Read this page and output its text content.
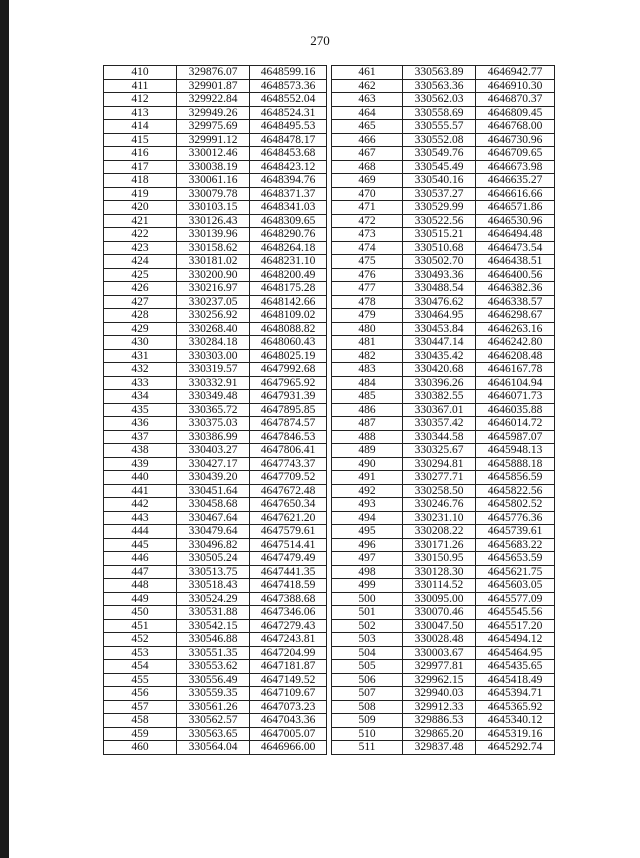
270
410	329876.07	4648599.16
411	329901.87	4648573.36
412	329922.84	4648552.04
413	329949.26	4648524.31
414	329975.69	4648495.53
415	329991.12	4648478.17
416	330012.46	4648453.68
417	330038.19	4648423.12
418	330061.16	4648394.76
419	330079.78	4648371.37
420	330103.15	4648341.03
421	330126.43	4648309.65
422	330139.96	4648290.76
423	330158.62	4648264.18
424	330181.02	4648231.10
425	330200.90	4648200.49
426	330216.97	4648175.28
427	330237.05	4648142.66
428	330256.92	4648109.02
429	330268.40	4648088.82
430	330284.18	4648060.43
431	330303.00	4648025.19
432	330319.57	4647992.68
433	330332.91	4647965.92
434	330349.48	4647931.39
435	330365.72	4647895.85
436	330375.03	4647874.57
437	330386.99	4647846.53
438	330403.27	4647806.41
439	330427.17	4647743.37
440	330439.20	4647709.52
441	330451.64	4647672.48
442	330458.68	4647650.34
443	330467.64	4647621.20
444	330479.64	4647579.61
445	330496.82	4647514.41
446	330505.24	4647479.49
447	330513.75	4647441.35
448	330518.43	4647418.59
449	330524.29	4647388.68
450	330531.88	4647346.06
451	330542.15	4647279.43
452	330546.88	4647243.81
453	330551.35	4647204.99
454	330553.62	4647181.87
455	330556.49	4647149.52
456	330559.35	4647109.67
457	330561.26	4647073.23
458	330562.57	4647043.36
459	330563.65	4647005.07
460	330564.04	4646966.00
461	330563.89	4646942.77
462	330563.36	4646910.30
463	330562.03	4646870.37
464	330558.69	4646809.45
465	330555.57	4646768.00
466	330552.08	4646730.96
467	330549.76	4646709.65
468	330545.49	4646673.98
469	330540.16	4646635.27
470	330537.27	4646616.66
471	330529.99	4646571.86
472	330522.56	4646530.96
473	330515.21	4646494.48
474	330510.68	4646473.54
475	330502.70	4646438.51
476	330493.36	4646400.56
477	330488.54	4646382.36
478	330476.62	4646338.57
479	330464.95	4646298.67
480	330453.84	4646263.16
481	330447.14	4646242.80
482	330435.42	4646208.48
483	330420.68	4646167.78
484	330396.26	4646104.94
485	330382.55	4646071.73
486	330367.01	4646035.88
487	330357.42	4646014.72
488	330344.58	4645987.07
489	330325.67	4645948.13
490	330294.81	4645888.18
491	330277.71	4645856.59
492	330258.50	4645822.56
493	330246.76	4645802.52
494	330231.10	4645776.36
495	330208.22	4645739.61
496	330171.26	4645683.22
497	330150.95	4645653.59
498	330128.30	4645621.75
499	330114.52	4645603.05
500	330095.00	4645577.09
501	330070.46	4645545.56
502	330047.50	4645517.20
503	330028.48	4645494.12
504	330003.67	4645464.95
505	329977.81	4645435.65
506	329962.15	4645418.49
507	329940.03	4645394.71
508	329912.33	4645365.92
509	329886.53	4645340.12
510	329865.20	4645319.16
511	329837.48	4645292.74
